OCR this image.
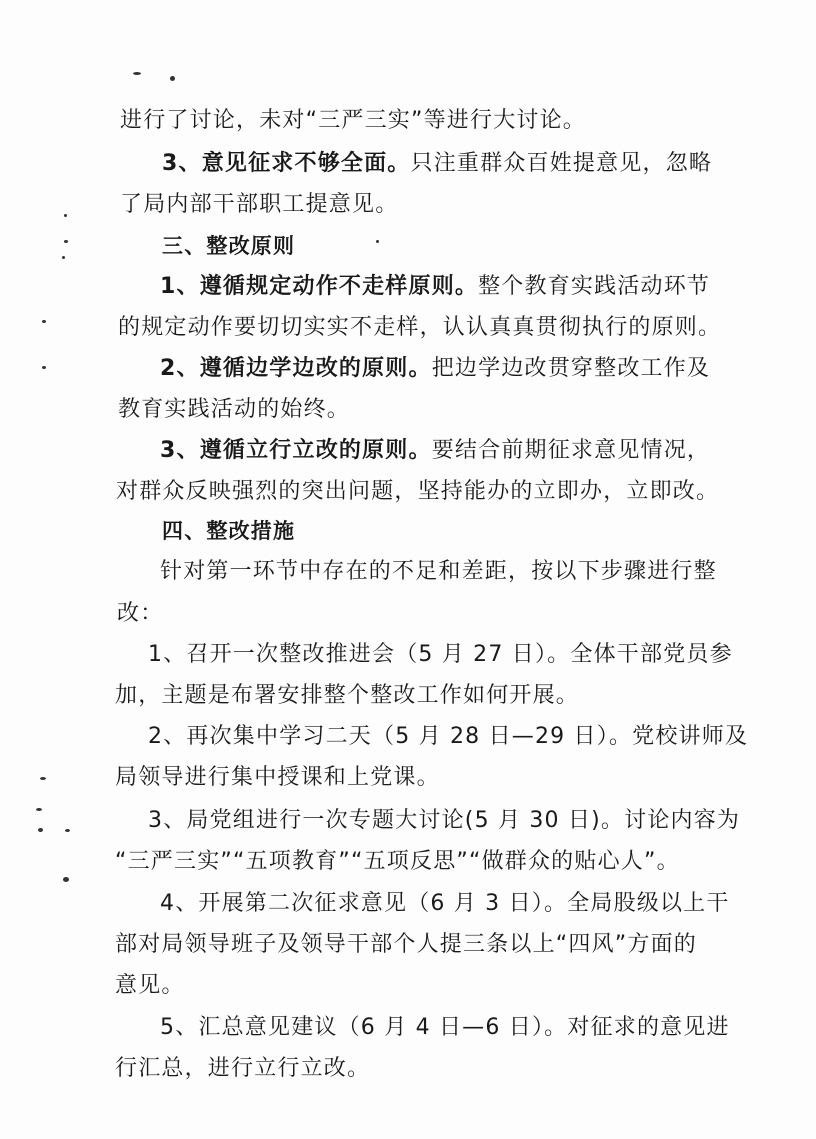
进行了讨论，未对“三严三实”等进行大讨论。
3、意见征求不够全面。只注重群众百姓提意见，忽略
了局内部干部职工提意见。
三、整改原则
1、遵循规定动作不走样原则。整个教育实践活动环节
的规定动作要切切实实不走样，认认真真贯彻执行的原则。
2、遵循边学边改的原则。把边学边改贯穿整改工作及
教育实践活动的始终。
3、遵循立行立改的原则。要结合前期征求意见情况，
对群众反映强烈的突出问题，坚持能办的立即办，立即改。
四、整改措施
针对第一环节中存在的不足和差距，按以下步骤进行整
改：
1、召开一次整改推进会（5 月 27 日）。全体干部党员参
加，主题是布署安排整个整改工作如何开展。
2、再次集中学习二天（5 月 28 日—29 日）。党校讲师及
局领导进行集中授课和上党课。
3、局党组进行一次专题大讨论(5 月 30 日)。讨论内容为
“三严三实”“五项教育”“五项反思”“做群众的贴心人”。
4、开展第二次征求意见（6 月 3 日）。全局股级以上干
部对局领导班子及领导干部个人提三条以上“四风”方面的
意见。
5、汇总意见建议（6 月 4 日—6 日）。对征求的意见进
行汇总，进行立行立改。
